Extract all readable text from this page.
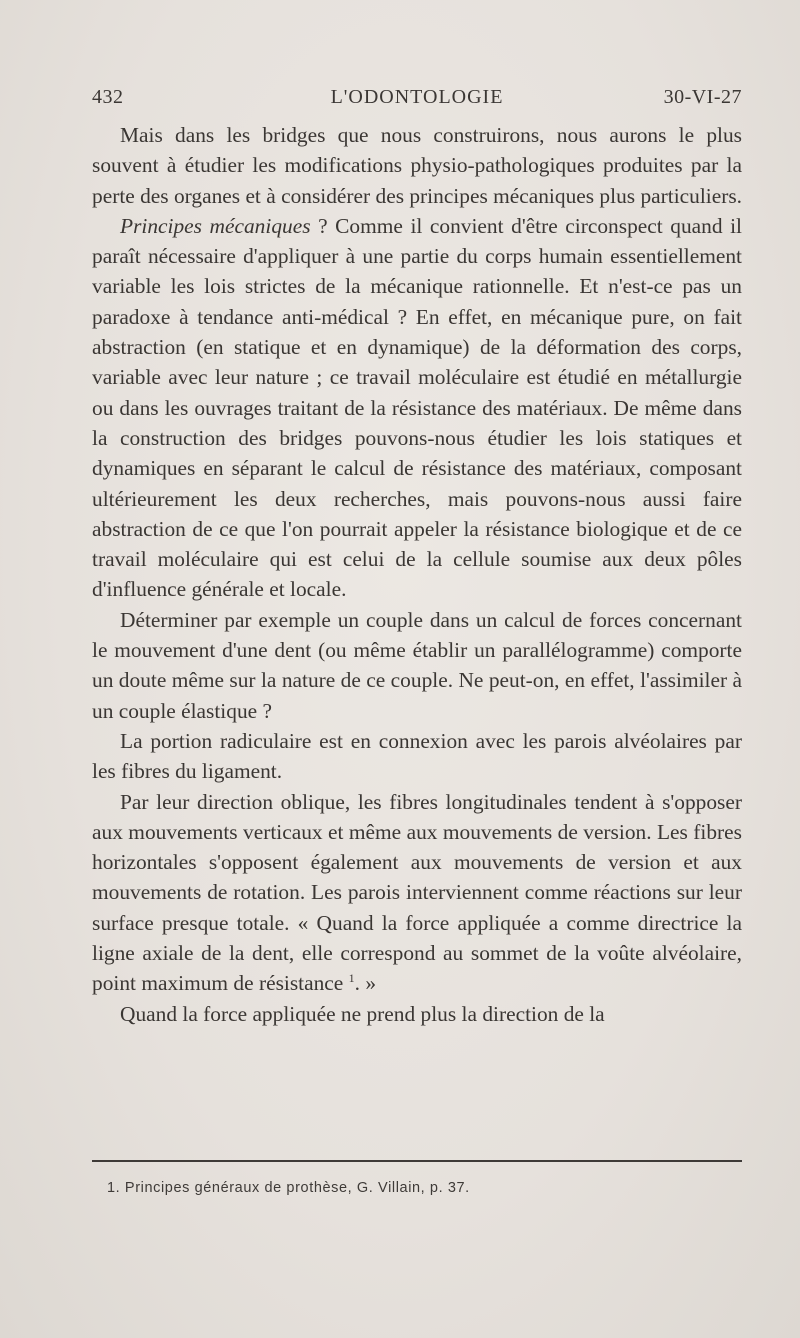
432	L'ODONTOLOGIE	30-VI-27

Mais dans les bridges que nous construirons, nous aurons le plus souvent à étudier les modifications physio-pathologiques produites par la perte des organes et à considérer des principes mécaniques plus particuliers.

Principes mécaniques ? Comme il convient d'être circonspect quand il paraît nécessaire d'appliquer à une partie du corps humain essentiellement variable les lois strictes de la mécanique rationnelle. Et n'est-ce pas un paradoxe à tendance anti-médical ? En effet, en mécanique pure, on fait abstraction (en statique et en dynamique) de la déformation des corps, variable avec leur nature ; ce travail moléculaire est étudié en métallurgie ou dans les ouvrages traitant de la résistance des matériaux. De même dans la construction des bridges pouvons-nous étudier les lois statiques et dynamiques en séparant le calcul de résistance des matériaux, composant ultérieurement les deux recherches, mais pouvons-nous aussi faire abstraction de ce que l'on pourrait appeler la résistance biologique et de ce travail moléculaire qui est celui de la cellule soumise aux deux pôles d'influence générale et locale.

Déterminer par exemple un couple dans un calcul de forces concernant le mouvement d'une dent (ou même établir un parallélogramme) comporte un doute même sur la nature de ce couple. Ne peut-on, en effet, l'assimiler à un couple élastique ?

La portion radiculaire est en connexion avec les parois alvéolaires par les fibres du ligament.

Par leur direction oblique, les fibres longitudinales tendent à s'opposer aux mouvements verticaux et même aux mouvements de version. Les fibres horizontales s'opposent également aux mouvements de version et aux mouvements de rotation. Les parois interviennent comme réactions sur leur surface presque totale. « Quand la force appliquée a comme directrice la ligne axiale de la dent, elle correspond au sommet de la voûte alvéolaire, point maximum de résistance $^1$. »

Quand la force appliquée ne prend plus la direction de la

1. Principes généraux de prothèse, G. Villain, p. 37.
